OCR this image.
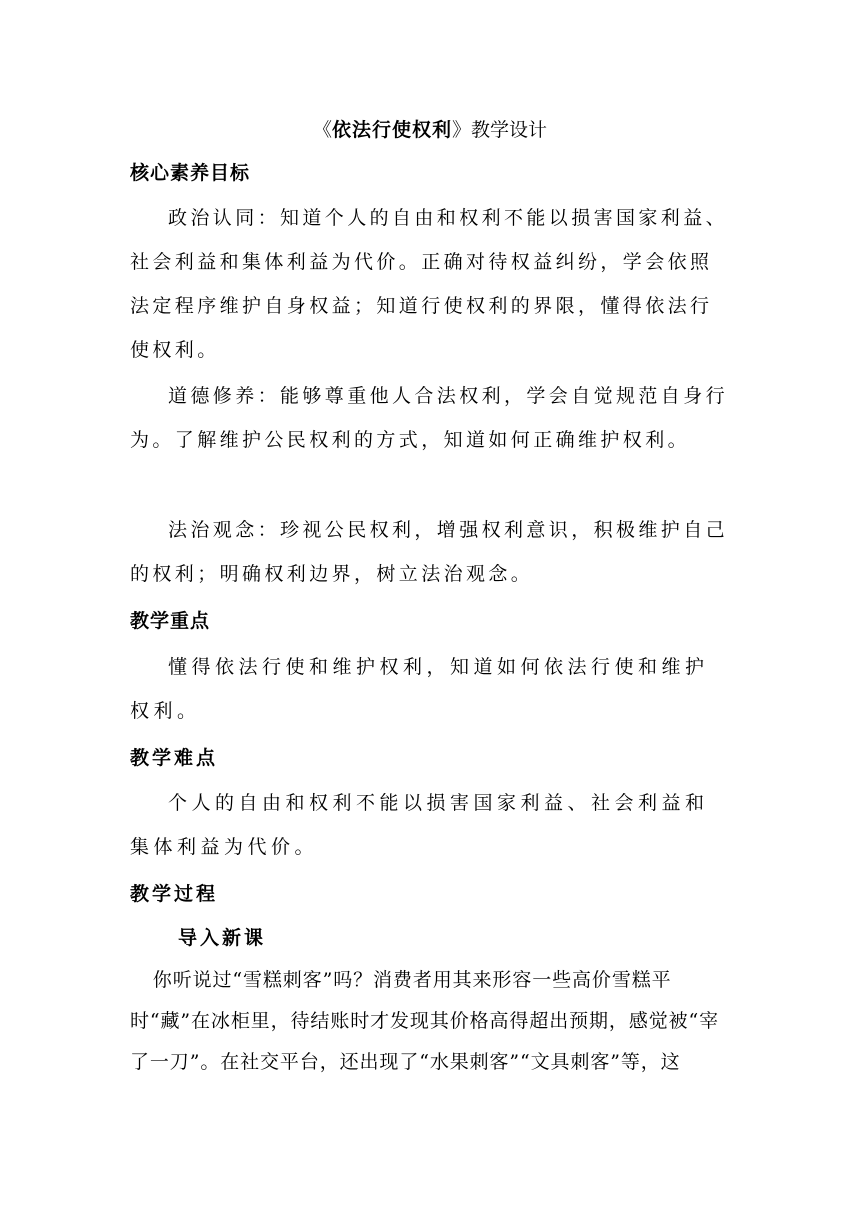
《依法行使权利》教学设计
核心素养目标

政治认同：知道个人的自由和权利不能以损害国家利益、社会利益和集体利益为代价。正确对待权益纠纷，学会依照法定程序维护自身权益；知道行使权利的界限，懂得依法行使权利。

道德修养：能够尊重他人合法权利，学会自觉规范自身行为。了解维护公民权利的方式，知道如何正确维护权利。

法治观念：珍视公民权利，增强权利意识，积极维护自己的权利；明确权利边界，树立法治观念。

教学重点

懂得依法行使和维护权利，知道如何依法行使和维护权利。

教学难点

个人的自由和权利不能以损害国家利益、社会利益和集体利益为代价。

教学过程
导入新课

你听说过“雪糕刺客”吗？消费者用其来形容一些高价雪糕平时“藏”在冰柜里，待结账时才发现其价格高得超出预期，感觉被“宰了一刀”。在社交平台，还出现了“水果刺客”“文具刺客”等，这
